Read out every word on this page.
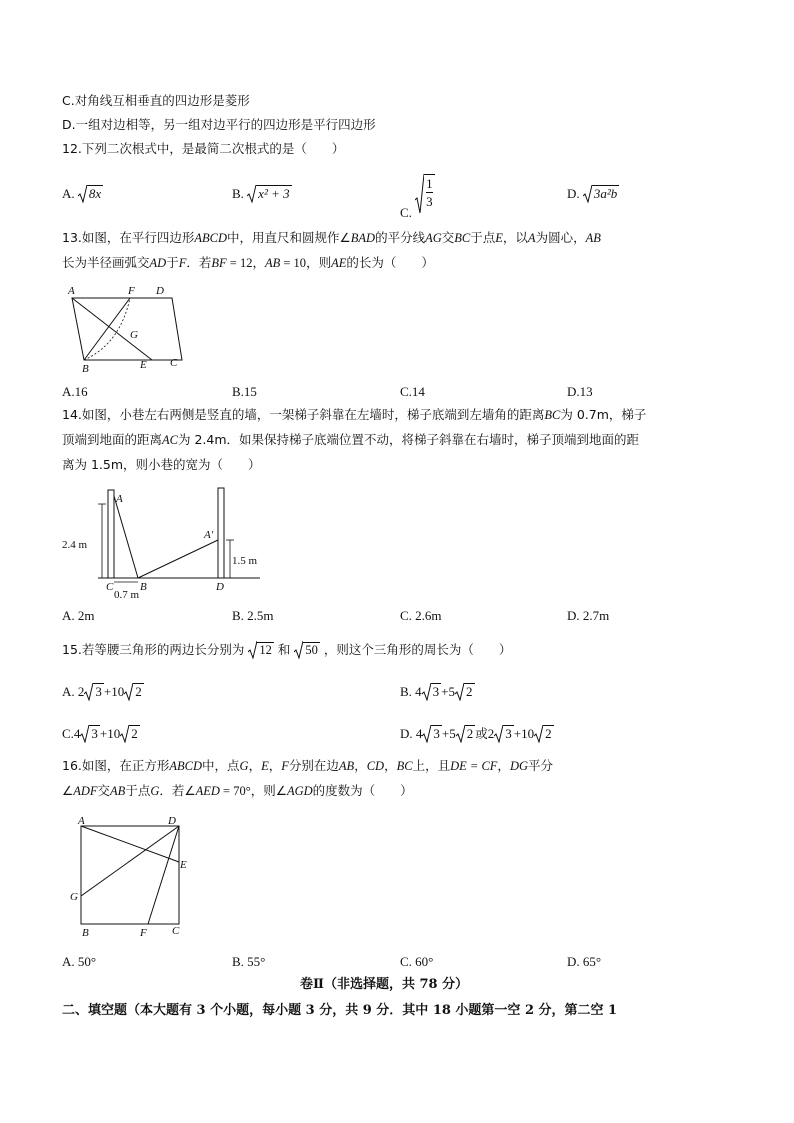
C.对角线互相垂直的四边形是菱形
D.一组对边相等，另一组对边平行的四边形是平行四边形
12.下列二次根式中，是最简二次根式的是（　　）
A. 8x	B. x² + 3
C.
$\frac{1}{3}$	D. 3a²b
13.如图，在平行四边形ABCD中，用直尺和圆规作∠BAD的平分线AG交BC于点E，以A为圆心，AB
长为半径画弧交AD于F．若BF = 12，AB = 10，则AE的长为（　　）
A	F D
G
B	E C
A.16	B.15	C.14	D.13
14.如图，小巷左右两侧是竖直的墙，一架梯子斜靠在左墙时，梯子底端到左墙角的距离BC为 0.7m，梯子
顶端到地面的距离AC为 2.4m．如果保持梯子底端位置不动，将梯子斜靠在右墙时，梯子顶端到地面的距
离为 1.5m，则小巷的宽为（　　）
A
A′
C B	D
2.4 m
1.5 m
0.7 m
A. 2m	B. 2.5m	C. 2.6m	D. 2.7m
15.若等腰三角形的两边长分别为 12 和 50 ，则这个三角形的周长为（　　）
A. 2 3 +10 2	B. 4 3 +5 2
C.4 3 +10 2	D. 4 3 +5 2 或2 3 +10 2
16.如图，在正方形ABCD中，点G，E，F分别在边AB，CD，BC上，且DE = CF，DG平分
∠ADF交AB于点G．若∠AED = 70°，则∠AGD的度数为（　　）
A	D
E
G
B	F C
A. 50°	B. 55°	C. 60°	D. 65°
卷Ⅱ（非选择题，共 78 分）
二、填空题（本大题有 3 个小题，每小题 3 分，共 9 分．其中 18 小题第一空 2 分，第二空 1
